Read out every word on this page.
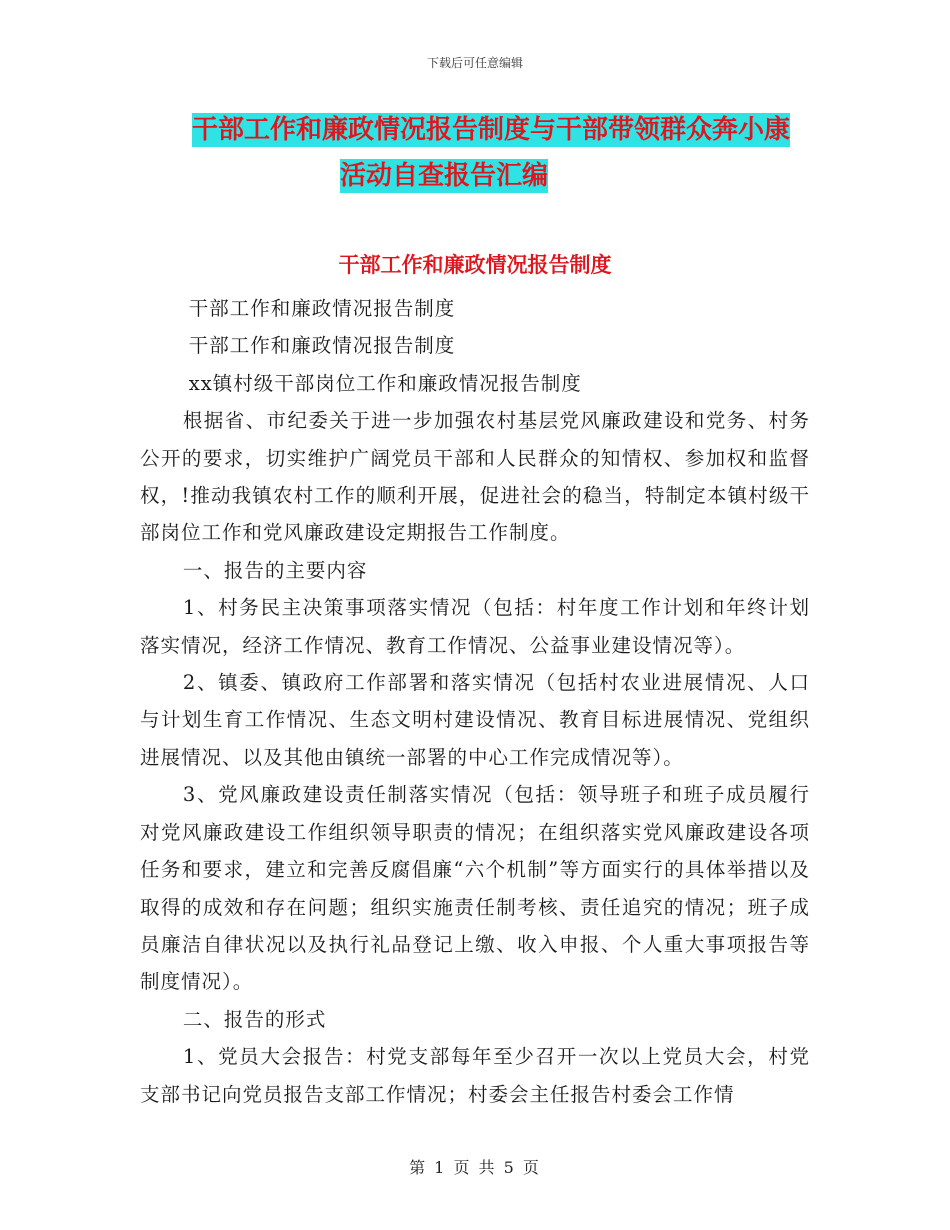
下载后可任意编辑
干部工作和廉政情况报告制度与干部带领群众奔小康
活动自查报告汇编
干部工作和廉政情况报告制度

干部工作和廉政情况报告制度

干部工作和廉政情况报告制度

xx镇村级干部岗位工作和廉政情况报告制度

根据省、市纪委关于进一步加强农村基层党风廉政建设和党务、村务公开的要求，切实维护广阔党员干部和人民群众的知情权、参加权和监督权，!推动我镇农村工作的顺利开展，促进社会的稳当，特制定本镇村级干部岗位工作和党风廉政建设定期报告工作制度。

一、报告的主要内容

1、村务民主决策事项落实情况（包括：村年度工作计划和年终计划落实情况，经济工作情况、教育工作情况、公益事业建设情况等）。

2、镇委、镇政府工作部署和落实情况（包括村农业进展情况、人口与计划生育工作情况、生态文明村建设情况、教育目标进展情况、党组织进展情况、以及其他由镇统一部署的中心工作完成情况等）。

3、党风廉政建设责任制落实情况（包括：领导班子和班子成员履行对党风廉政建设工作组织领导职责的情况；在组织落实党风廉政建设各项任务和要求，建立和完善反腐倡廉“六个机制”等方面实行的具体举措以及取得的成效和存在问题；组织实施责任制考核、责任追究的情况；班子成员廉洁自律状况以及执行礼品登记上缴、收入申报、个人重大事项报告等制度情况）。

二、报告的形式

1、党员大会报告：村党支部每年至少召开一次以上党员大会，村党支部书记向党员报告支部工作情况；村委会主任报告村委会工作情

第 1 页 共 5 页
